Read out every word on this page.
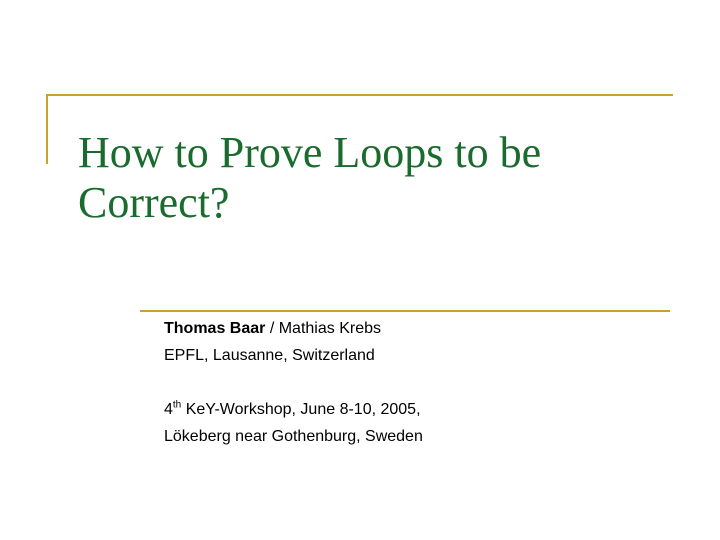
How to Prove Loops to be Correct?
Thomas Baar / Mathias Krebs
EPFL, Lausanne, Switzerland
4th KeY-Workshop, June 8-10, 2005,
Lökeberg near Gothenburg, Sweden
